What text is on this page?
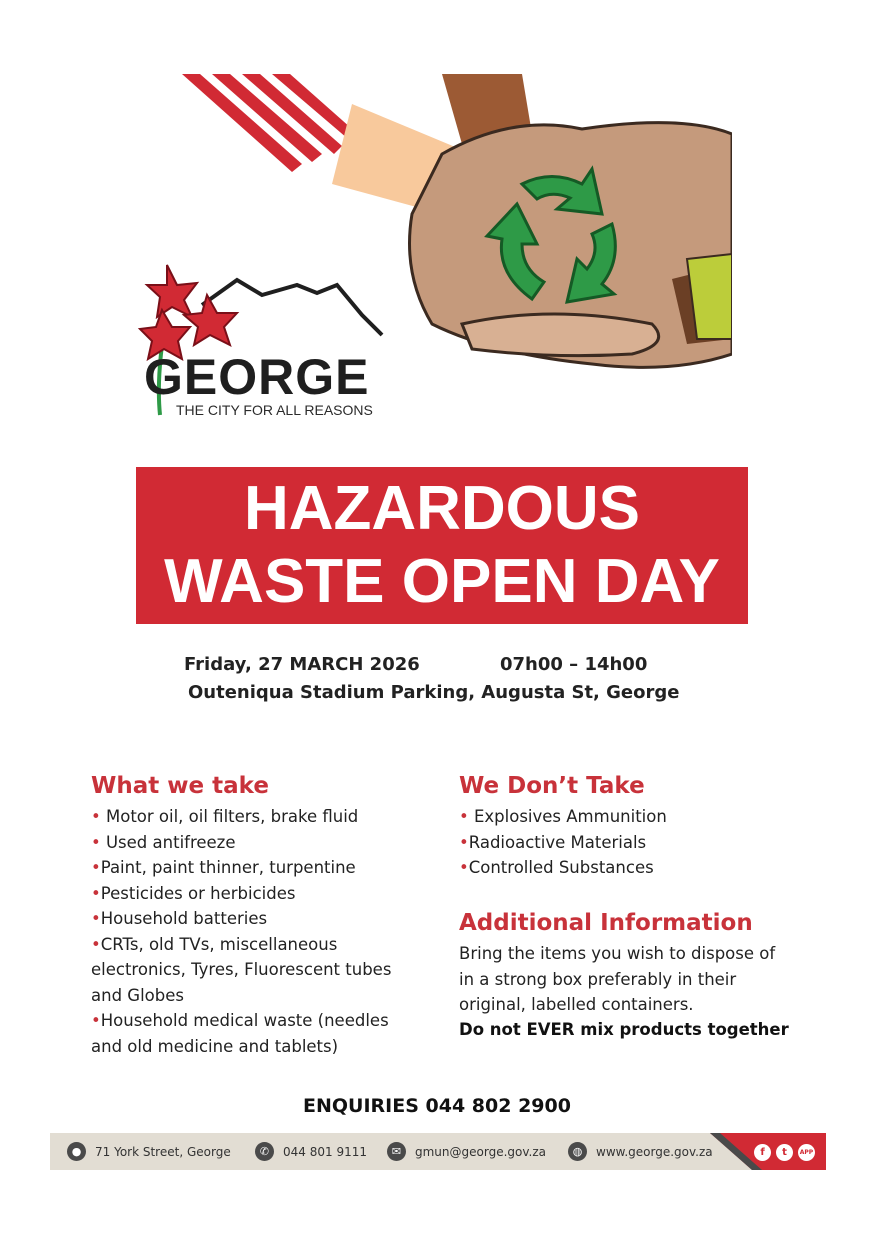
GEORGE
THE CITY FOR ALL REASONS
HAZARDOUS
WASTE OPEN DAY
Friday, 27 MARCH 2026	07h00 – 14h00
Outeniqua Stadium Parking, Augusta St, George
What we take
• Motor oil, oil filters, brake fluid
• Used antifreeze
•Paint, paint thinner, turpentine
•Pesticides or herbicides
•Household batteries
•CRTs, old TVs, miscellaneous electronics, Tyres, Fluorescent tubes and Globes
•Household medical waste (needles and old medicine and tablets)
We Don’t Take
• Explosives Ammunition
•Radioactive Materials
•Controlled Substances
Additional Information

Bring the items you wish to dispose of in a strong box preferably in their original, labelled containers.

Do not EVER mix products together
ENQUIRIES 044 802 2900
●	71 York Street, George	✆	044 801 9111	✉	gmun@george.gov.za	◍	www.george.gov.za	f	t	APP
